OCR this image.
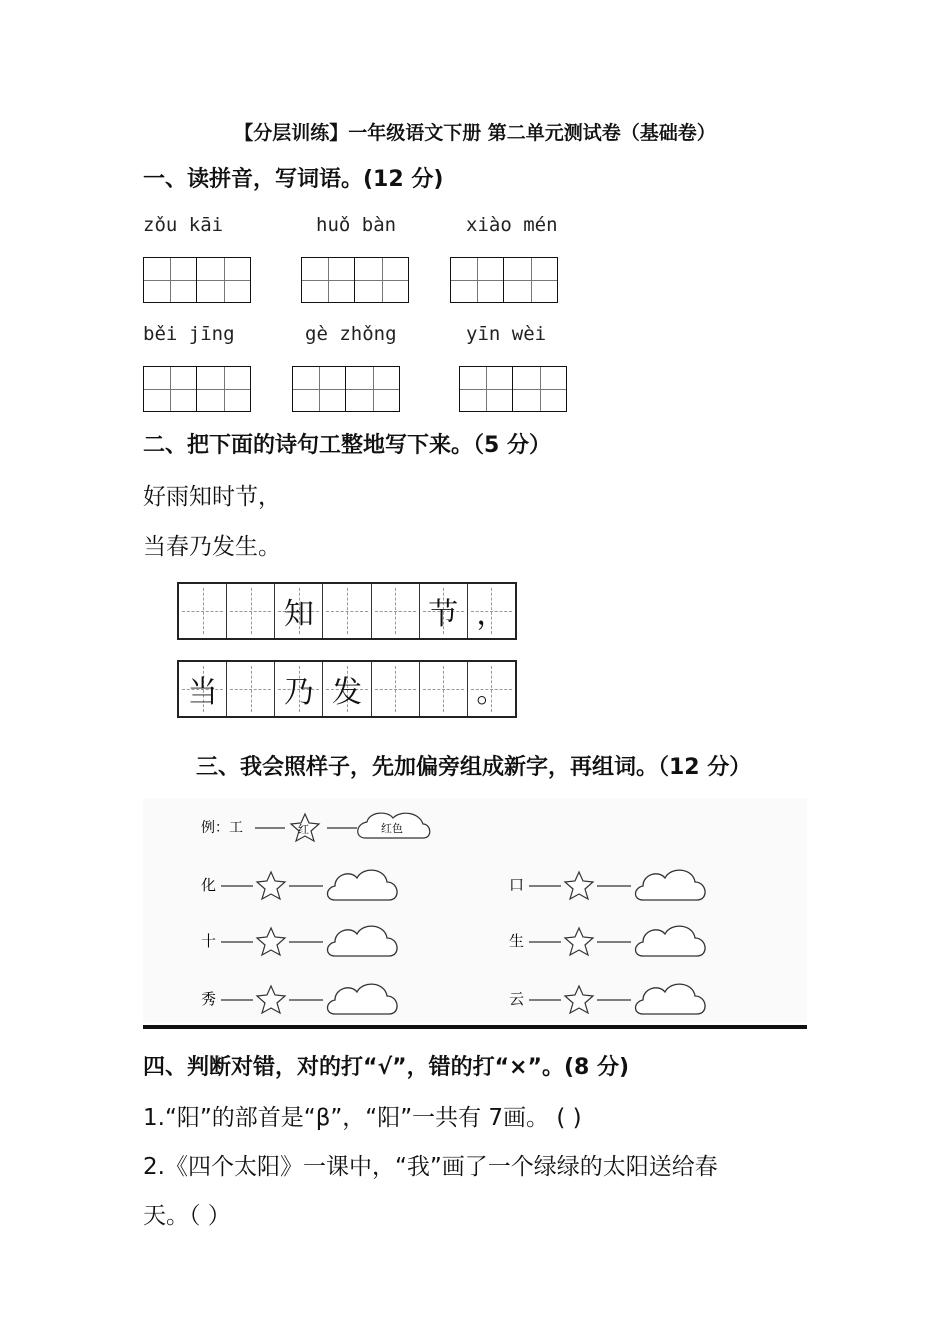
【分层训练】一年级语文下册 第二单元测试卷（基础卷）
一、读拼音，写词语。(12 分)
zǒu kāi	huǒ bàn	xiào mén
běi jīng	gè zhǒng	yīn wèi
二、把下面的诗句工整地写下来。（5 分）
好雨知时节，
当春乃发生。
知	节 ，
当 乃 发	。
三、我会照样子，先加偏旁组成新字，再组词。（12 分）
例：工	红	红色
化
十
秀
口
生
云
四、判断对错，对的打“√”，错的打“×”。(8 分)
1.“阳”的部首是“β”，“阳”一共有 7画。 ( )
2.《四个太阳》一课中，“我”画了一个绿绿的太阳送给春
天。（ ）
